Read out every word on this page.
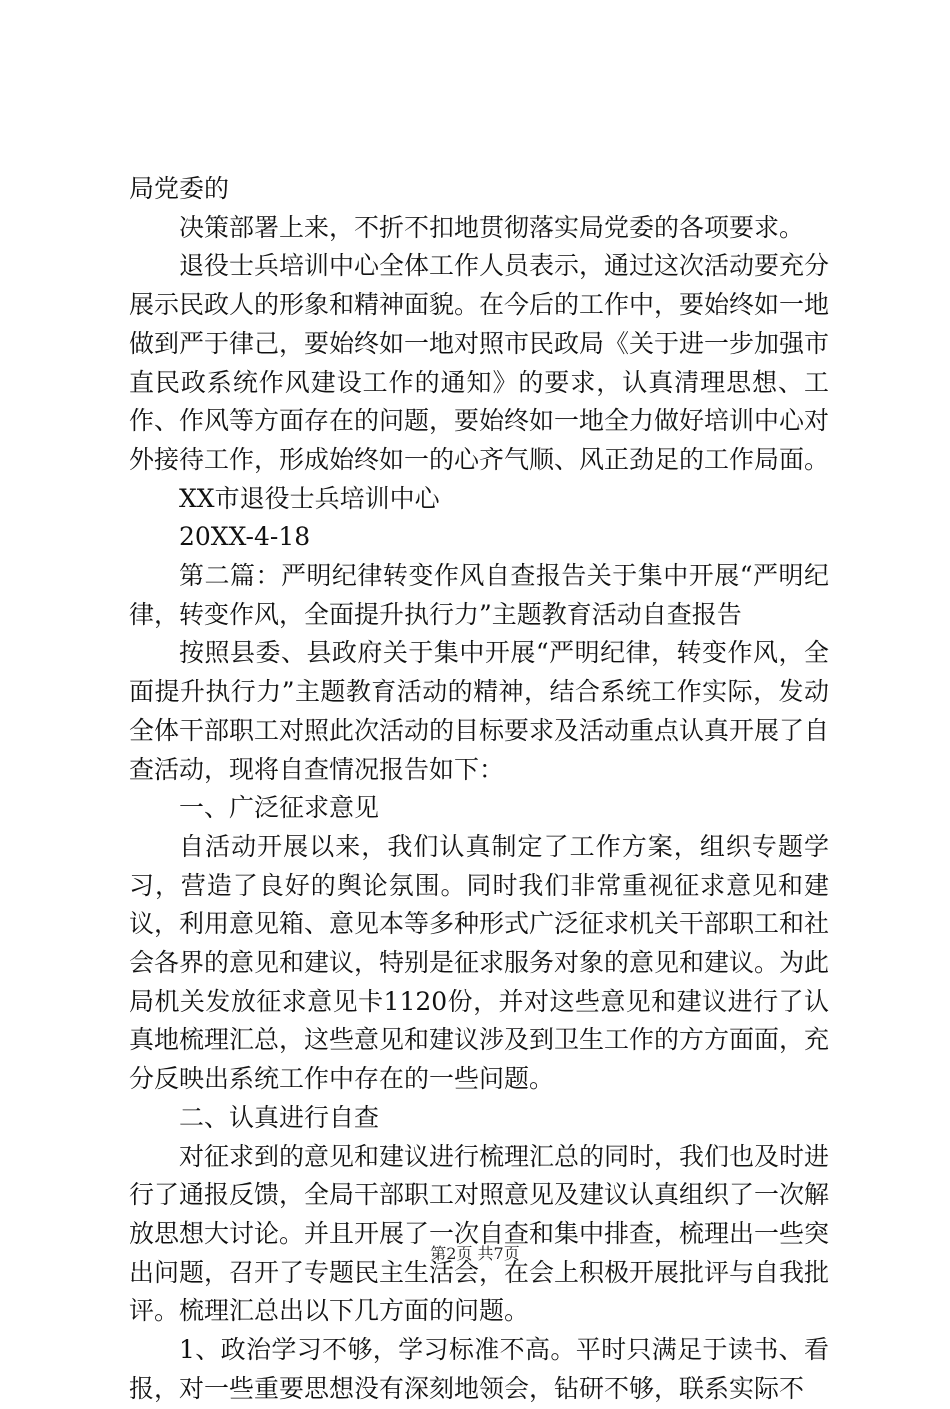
局党委的

决策部署上来，不折不扣地贯彻落实局党委的各项要求。

退役士兵培训中心全体工作人员表示，通过这次活动要充分展示民政人的形象和精神面貌。在今后的工作中，要始终如一地做到严于律己，要始终如一地对照市民政局《关于进一步加强市直民政系统作风建设工作的通知》的要求，认真清理思想、工作、作风等方面存在的问题，要始终如一地全力做好培训中心对外接待工作，形成始终如一的心齐气顺、风正劲足的工作局面。

XX市退役士兵培训中心

20XX-4-18

第二篇：严明纪律转变作风自查报告关于集中开展“严明纪律，转变作风，全面提升执行力”主题教育活动自查报告

按照县委、县政府关于集中开展“严明纪律，转变作风，全面提升执行力”主题教育活动的精神，结合系统工作实际，发动全体干部职工对照此次活动的目标要求及活动重点认真开展了自查活动，现将自查情况报告如下：

一、广泛征求意见

自活动开展以来，我们认真制定了工作方案，组织专题学习，营造了良好的舆论氛围。同时我们非常重视征求意见和建议，利用意见箱、意见本等多种形式广泛征求机关干部职工和社会各界的意见和建议，特别是征求服务对象的意见和建议。为此局机关发放征求意见卡1120份，并对这些意见和建议进行了认真地梳理汇总，这些意见和建议涉及到卫生工作的方方面面，充分反映出系统工作中存在的一些问题。

二、认真进行自查

对征求到的意见和建议进行梳理汇总的同时，我们也及时进行了通报反馈，全局干部职工对照意见及建议认真组织了一次解放思想大讨论。并且开展了一次自查和集中排查，梳理出一些突出问题，召开了专题民主生活会，在会上积极开展批评与自我批评。梳理汇总出以下几方面的问题。

1、政治学习不够，学习标准不高。平时只满足于读书、看报，对一些重要思想没有深刻地领会，钻研不够，联系实际不

第2页 共7页
